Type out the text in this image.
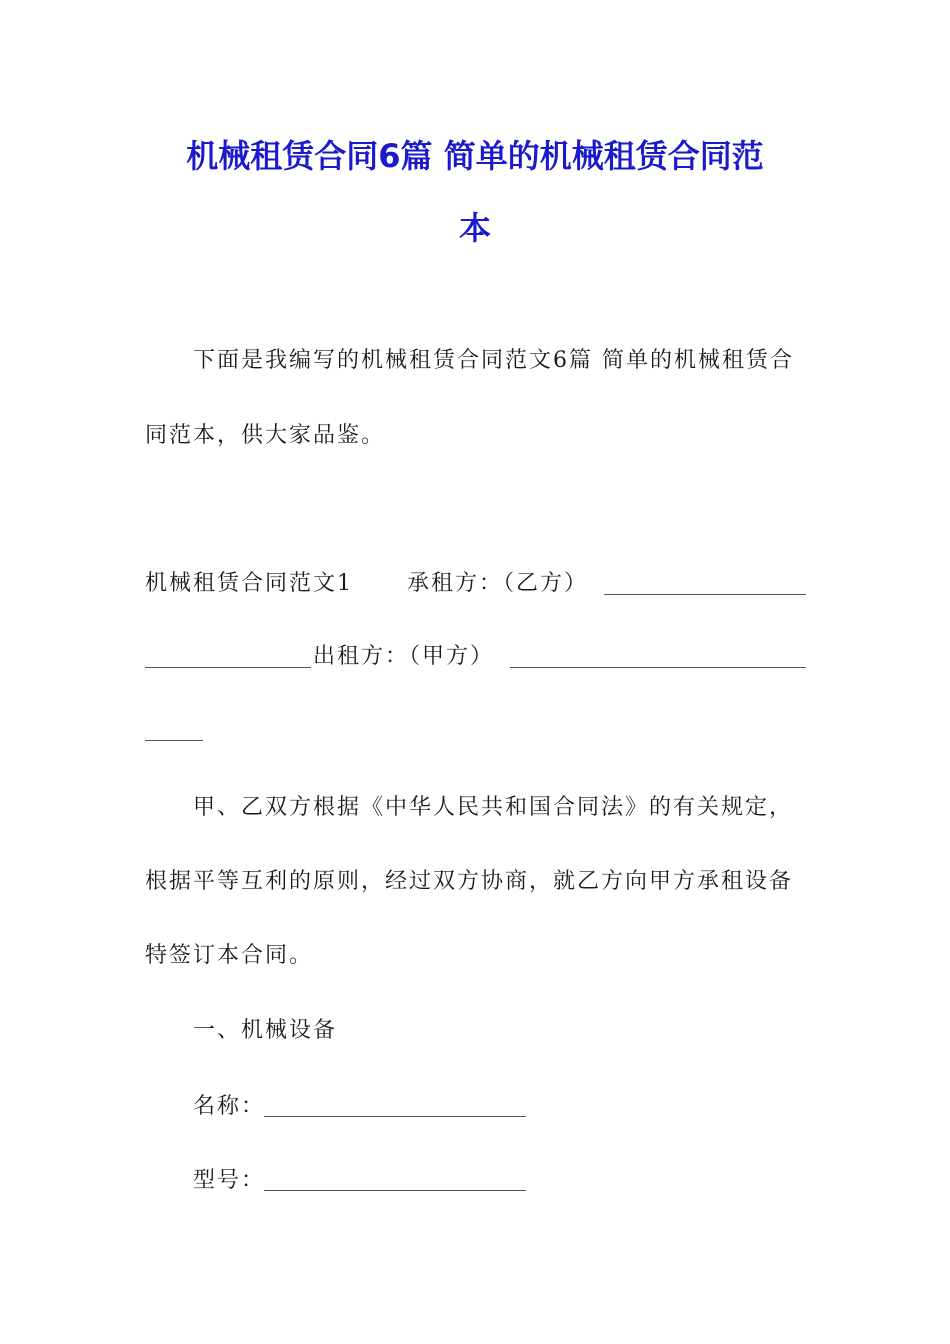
机械租赁合同6篇 简单的机械租赁合同范
本
下面是我编写的机械租赁合同范文6篇 简单的机械租赁合
同范本，供大家品鉴。
机械租赁合同范文1 承租方：（乙方）
出租方：（甲方）
甲、乙双方根据《中华人民共和国合同法》的有关规定，
根据平等互利的原则，经过双方协商，就乙方向甲方承租设备
特签订本合同。
一、机械设备
名称：
型号：
